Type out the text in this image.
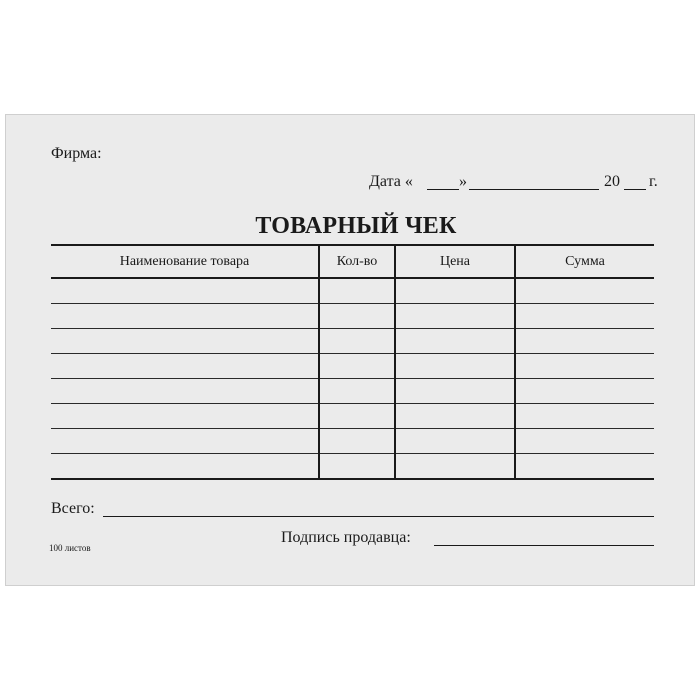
Фирма:
Дата «	»	20 г.
ТОВАРНЫЙ ЧЕК
Наименование товара	Кол-во	Цена	Сумма

Всего:
100 листов
Подпись продавца:
